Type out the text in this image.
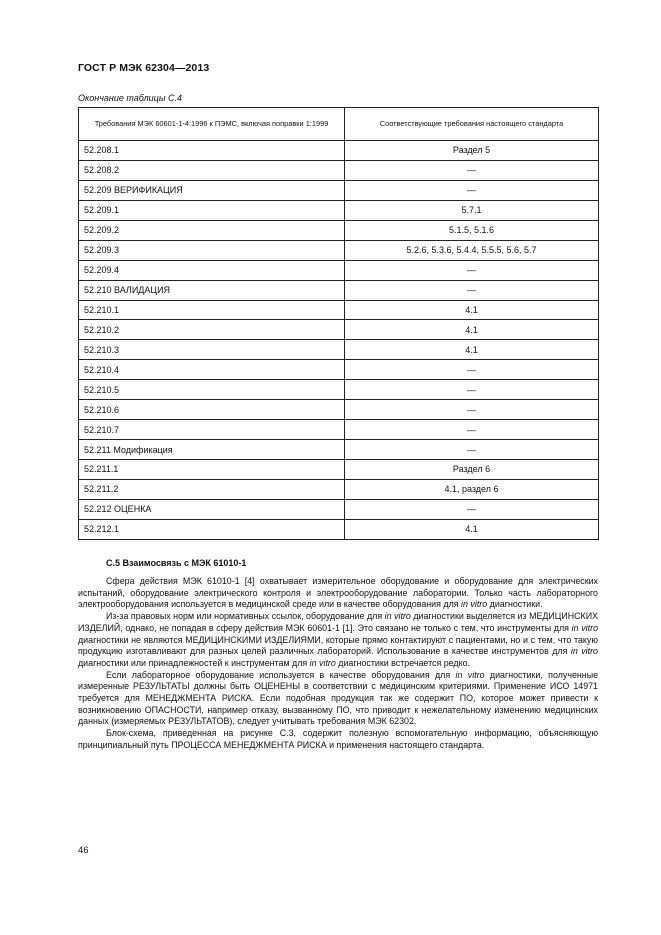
ГОСТ Р МЭК 62304—2013
Окончание таблицы С.4
Требования МЭК 60601-1-4:1996 к ПЭМС, включая поправки 1:1999	Соответствующие требования настоящего стандарта
52.208.1	Раздел 5
52.208.2	—
52.209 ВЕРИФИКАЦИЯ	—
52.209.1	5.7.1
52.209.2	5.1.5, 5.1.6
52.209.3	5.2.6, 5.3.6, 5.4.4, 5.5.5, 5.6, 5.7
52.209.4	—
52.210 ВАЛИДАЦИЯ	—
52.210.1	4.1
52.210.2	4.1
52.210.3	4.1
52.210.4	—
52.210.5	—
52.210.6	—
52.210.7	—
52.211 Модификация	—
52.211.1	Раздел 6
52.211.2	4.1, раздел 6
52.212 ОЦЕНКА	—
52.212.1	4.1
С.5 Взаимосвязь с МЭК 61010-1

Сфера действия МЭК 61010-1 [4] охватывает измерительное оборудование и оборудование для электрических испытаний, оборудование электрического контроля и электрооборудование лаборатории. Только часть лабораторного электрооборудования используется в медицинской среде или в качестве оборудования для in vitro диагностики.

Из-за правовых норм или нормативных ссылок, оборудование для in vitro диагностики выделяется из МЕДИЦИНСКИХ ИЗДЕЛИЙ, однако, не попадая в сферу действия МЭК 60601-1 [1]. Это связано не только с тем, что инструменты для in vitro диагностики не являются МЕДИЦИНСКИМИ ИЗДЕЛИЯМИ, которые прямо контактируют с пациентами, но и с тем, что такую продукцию изготавливают для разных целей различных лабораторий. Использование в качестве инструментов для in vitro диагностики или принадлежностей к инструментам для in vitro диагностики встречается редко.

Если лабораторное оборудование используется в качестве оборудования для in vitro диагностики, полученные измеренные РЕЗУЛЬТАТЫ должны быть ОЦЕНЕНЫ в соответствии с медицинским критериями. Применение ИСО 14971 требуется для МЕНЕДЖМЕНТА РИСКА. Если подобная продукция так же содержит ПО, которое может привести к возникновению ОПАСНОСТИ, например отказу, вызванному ПО, что приводит к нежелательному изменению медицинских данных (измеряемых РЕЗУЛЬТАТОВ), следует учитывать требования МЭК 62302.

Блок-схема, приведенная на рисунке С.3, содержит полезную вспомогательную информацию, объясняющую принципиальный путь ПРОЦЕССА МЕНЕДЖМЕНТА РИСКА и применения настоящего стандарта.

46
